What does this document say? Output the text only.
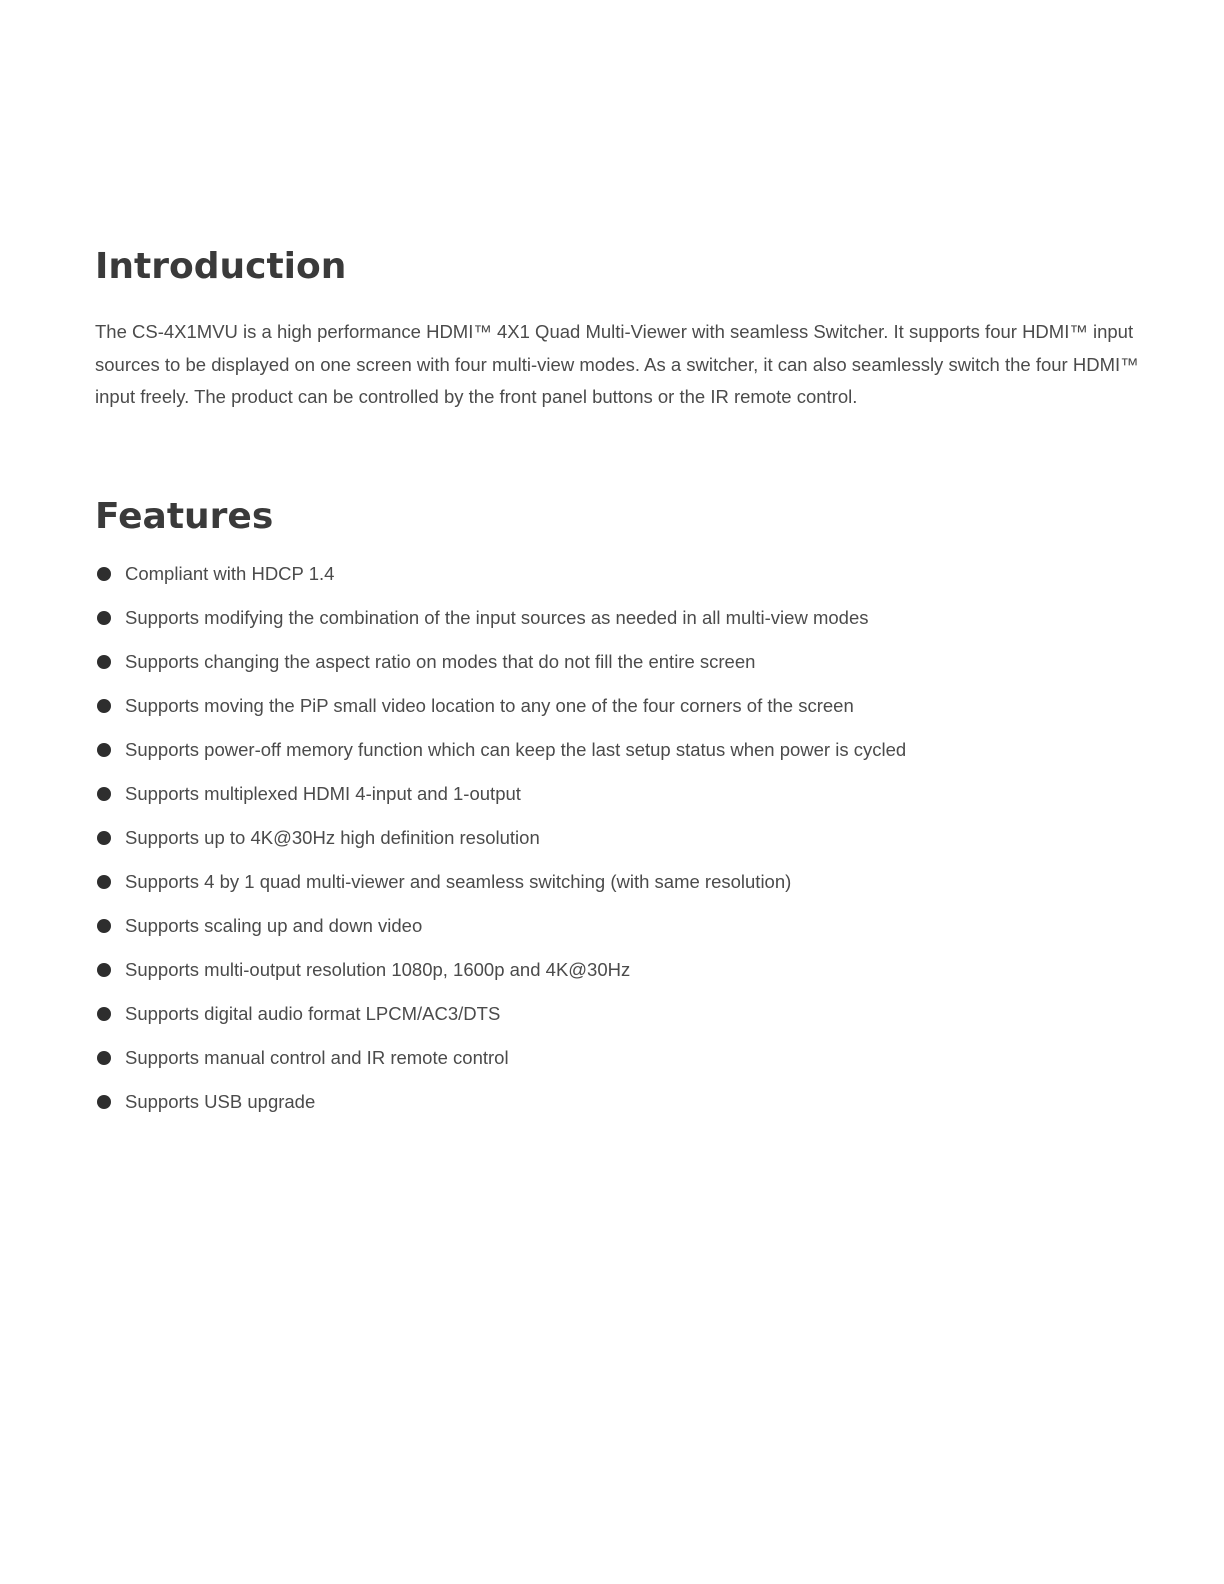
Introduction

The CS-4X1MVU is a high performance HDMI™ 4X1 Quad Multi-Viewer with seamless Switcher. It supports four HDMI™ input sources to be displayed on one screen with four multi-view modes. As a switcher, it can also seamlessly switch the four HDMI™ input freely. The product can be controlled by the front panel buttons or the IR remote control.

Features
Compliant with HDCP 1.4
Supports modifying the combination of the input sources as needed in all multi-view modes
Supports changing the aspect ratio on modes that do not fill the entire screen
Supports moving the PiP small video location to any one of the four corners of the screen
Supports power-off memory function which can keep the last setup status when power is cycled
Supports multiplexed HDMI 4-input and 1-output
Supports up to 4K@30Hz high definition resolution
Supports 4 by 1 quad multi-viewer and seamless switching (with same resolution)
Supports scaling up and down video
Supports multi-output resolution 1080p, 1600p and 4K@30Hz
Supports digital audio format LPCM/AC3/DTS
Supports manual control and IR remote control
Supports USB upgrade
